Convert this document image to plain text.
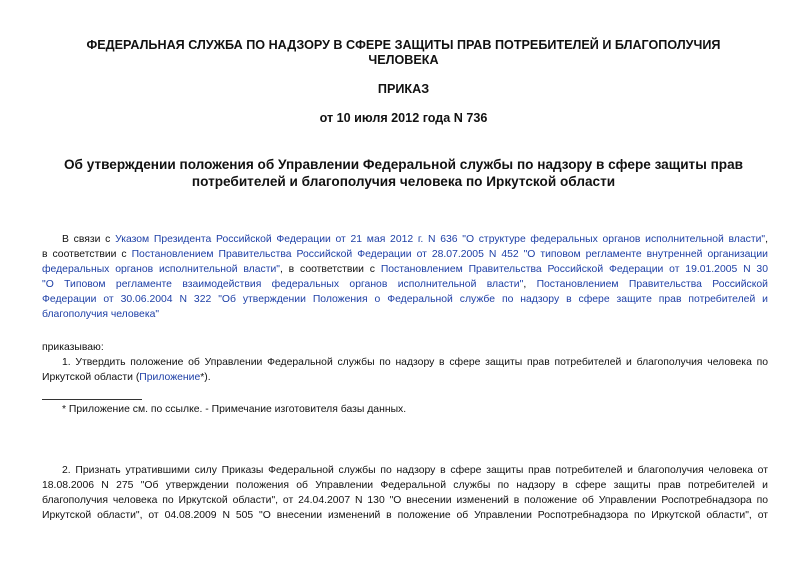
ФЕДЕРАЛЬНАЯ СЛУЖБА ПО НАДЗОРУ В СФЕРЕ ЗАЩИТЫ ПРАВ ПОТРЕБИТЕЛЕЙ И БЛАГОПОЛУЧИЯ

ЧЕЛОВЕКА

ПРИКАЗ

от 10 июля 2012 года N 736

Об утверждении положения об Управлении Федеральной службы по надзору в сфере защиты прав

потребителей и благополучия человека по Иркутской области

В связи с Указом Президента Российской Федерации от 21 мая 2012 г. N 636 "О структуре федеральных органов исполнительной власти",

в соответствии с Постановлением Правительства Российской Федерации от 28.07.2005 N 452 "О типовом регламенте внутренней организации

федеральных органов исполнительной власти", в соответствии с Постановлением Правительства Российской Федерации от 19.01.2005 N 30

"О Типовом регламенте взаимодействия федеральных органов исполнительной власти", Постановлением Правительства Российской

Федерации от 30.06.2004 N 322 "Об утверждении Положения о Федеральной службе по надзору в сфере защите прав потребителей и

благополучия человека"

приказываю:

1. Утвердить положение об Управлении Федеральной службы по надзору в сфере защиты прав потребителей и благополучия человека по

Иркутской области (Приложение*).

* Приложение см. по ссылке. - Примечание изготовителя базы данных.

2. Признать утратившими силу Приказы Федеральной службы по надзору в сфере защиты прав потребителей и благополучия человека от

18.08.2006 N 275 "Об утверждении положения об Управлении Федеральной службы по надзору в сфере защиты прав потребителей и

благополучия человека по Иркутской области", от 24.04.2007 N 130 "О внесении изменений в положение об Управлении Роспотребнадзора по

Иркутской области", от 04.08.2009 N 505 "О внесении изменений в положение об Управлении Роспотребнадзора по Иркутской области", от
